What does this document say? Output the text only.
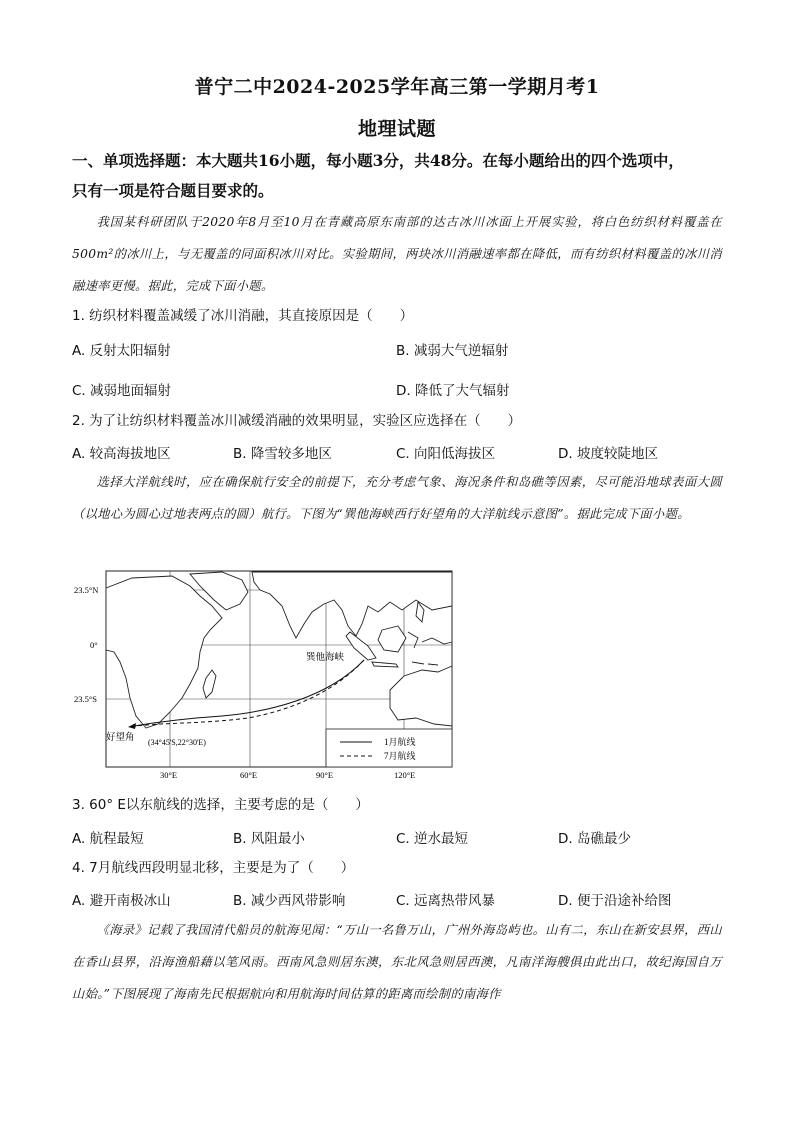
普宁二中2024-2025学年高三第一学期月考1
地理试题
一、单项选择题：本大题共16小题，每小题3分，共48分。在每小题给出的四个选项中，
只有一项是符合题目要求的。
我国某科研团队于2020年8月至10月在青藏高原东南部的达古冰川冰面上开展实验，将白色纺织材料覆盖在500m²的冰川上，与无覆盖的同面积冰川对比。实验期间，两块冰川消融速率都在降低，而有纺织材料覆盖的冰川消融速率更慢。据此，完成下面小题。
1. 纺织材料覆盖减缓了冰川消融，其直接原因是（　　）
A. 反射太阳辐射	B. 减弱大气逆辐射
C. 减弱地面辐射	D. 降低了大气辐射
2. 为了让纺织材料覆盖冰川减缓消融的效果明显，实验区应选择在（　　）
A. 较高海拔地区	B. 降雪较多地区	C. 向阳低海拔区	D. 坡度较陡地区
选择大洋航线时，应在确保航行安全的前提下，充分考虑气象、海况条件和岛礁等因素，尽可能沿地球表面大圆（以地心为圆心过地表两点的圆）航行。下图为“巽他海峡西行好望角的大洋航线示意图”。据此完成下面小题。
23.5°N
0°
23.5°S
30°E	60°E	90°E	120°E
巽他海峡
好望角 (34°45'S,22°30'E)	1月航线
7月航线
3. 60° E以东航线的选择，主要考虑的是（　　）
A. 航程最短	B. 风阻最小	C. 逆水最短	D. 岛礁最少
4. 7月航线西段明显北移，主要是为了（　　）
A. 避开南极冰山	B. 减少西风带影响	C. 远离热带风暴	D. 便于沿途补给图
《海录》记载了我国清代船员的航海见闻：“万山一名鲁万山，广州外海岛屿也。山有二，东山在新安县界，西山在香山县界，沿海渔船藉以笔风雨。西南风急则居东澳，东北风急则居西澳，凡南洋海艘俱由此出口，故纪海国自万山始。”下图展现了海南先民根据航向和用航海时间估算的距离而绘制的南海作
